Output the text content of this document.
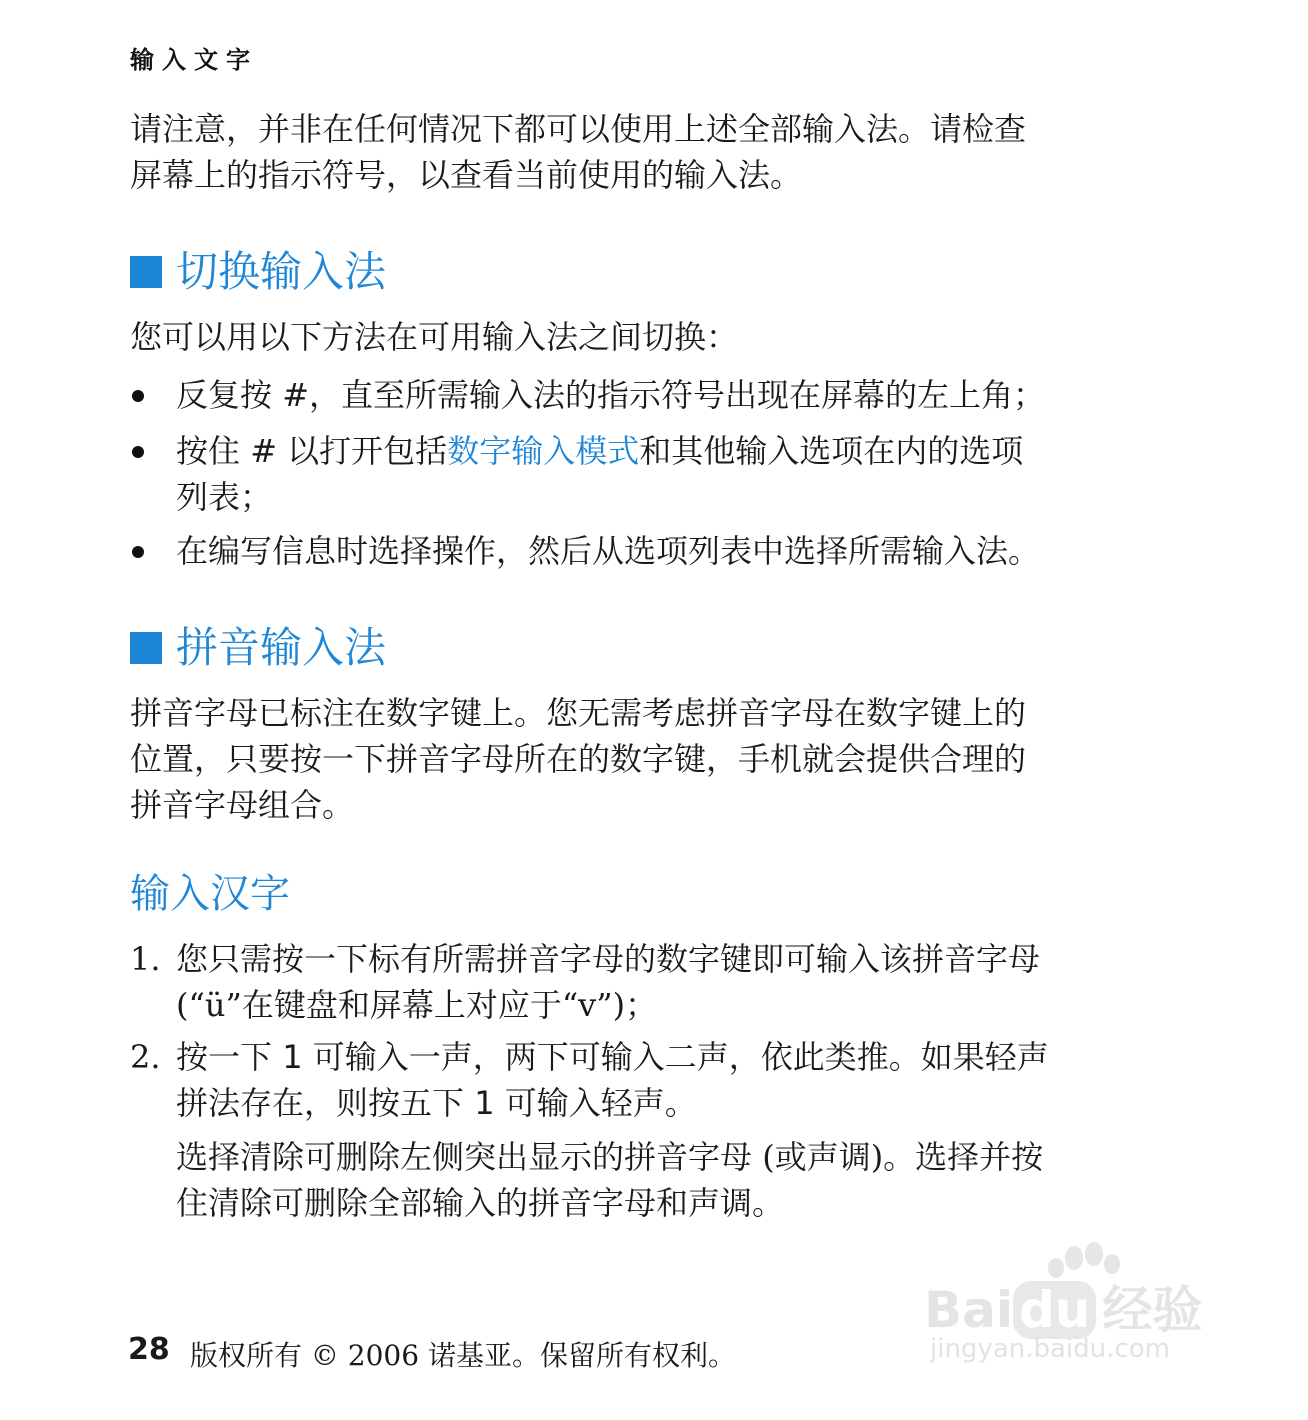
输入文字
请注意，并非在任何情况下都可以使用上述全部输入法。请检查
屏幕上的指示符号，以查看当前使用的输入法。
切换输入法
您可以用以下方法在可用输入法之间切换：
反复按 #，直至所需输入法的指示符号出现在屏幕的左上角；
按住 # 以打开包括数字输入模式和其他输入选项在内的选项
列表；
在编写信息时选择操作，然后从选项列表中选择所需输入法。
拼音输入法
拼音字母已标注在数字键上。您无需考虑拼音字母在数字键上的
位置，只要按一下拼音字母所在的数字键，手机就会提供合理的
拼音字母组合。
输入汉字
1. 您只需按一下标有所需拼音字母的数字键即可输入该拼音字母
(“ü”在键盘和屏幕上对应于“v”)；
2. 按一下 1 可输入一声，两下可输入二声，依此类推。如果轻声
拼法存在，则按五下 1 可输入轻声。
选择清除可删除左侧突出显示的拼音字母 (或声调)。选择并按
住清除可删除全部输入的拼音字母和声调。
28 版权所有 © 2006 诺基亚。保留所有权利。
Bai du 经验
jingyan.baidu.com
